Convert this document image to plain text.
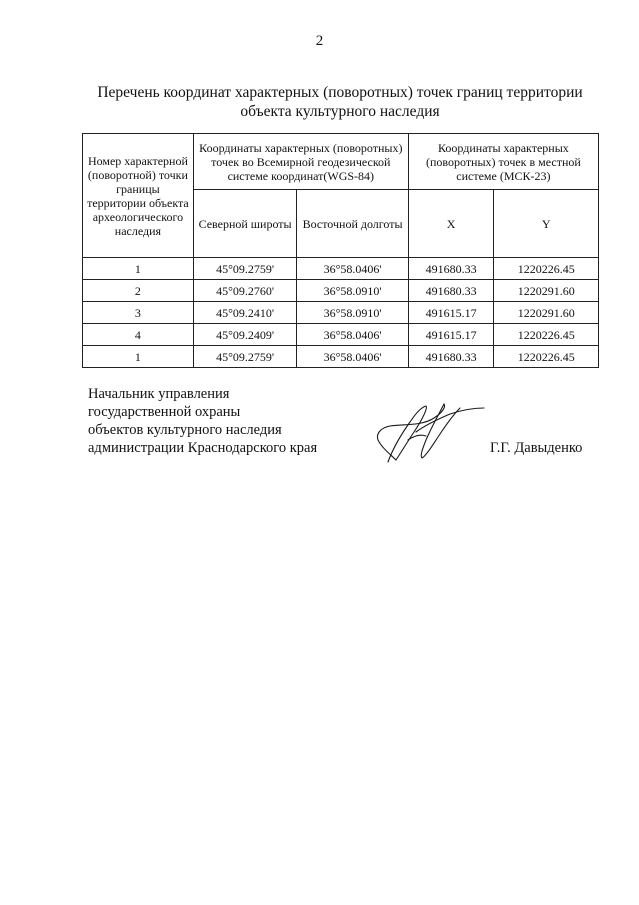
2
Перечень координат характерных (поворотных) точек границ территории
объекта культурного наследия
Номер характерной (поворотной) точки границы территории объекта археологического наследия	Координаты характерных (поворотных) точек во Всемирной геодезической системе координат(WGS-84)		Координаты характерных (поворотных) точек в местной системе (МСК-23)	
	Северной широты	Восточной долготы	X	Y
1	45°09.2759'	36°58.0406'	491680.33	1220226.45
2	45°09.2760'	36°58.0910'	491680.33	1220291.60
3	45°09.2410'	36°58.0910'	491615.17	1220291.60
4	45°09.2409'	36°58.0406'	491615.17	1220226.45
1	45°09.2759'	36°58.0406'	491680.33	1220226.45
Начальник управления
государственной охраны
объектов культурного наследия
администрации Краснодарского края	Г.Г. Давыденко
